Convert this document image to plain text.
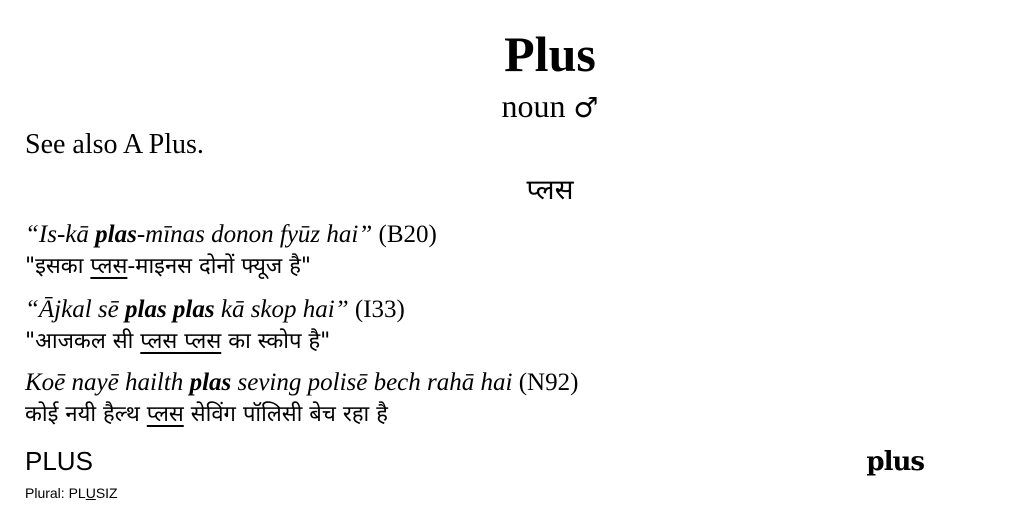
Plus
noun ♂
See also A Plus.
प्लस
“Is-kā plas-mīnas donon fyūz hai” (B20)
"इसका प्लस-माइनस दोनों फ्यूज है"
“Ājkal sē plas plas kā skop hai” (I33)
"आजकल सी प्लस प्लस का स्कोप है"
Koē nayē hailth plas seving polisē bech rahā hai (N92)
कोई नयी हैल्थ प्लस सेविंग पॉलिसी बेच रहा है
PLUS
Plural: PLUSIZ
plus
